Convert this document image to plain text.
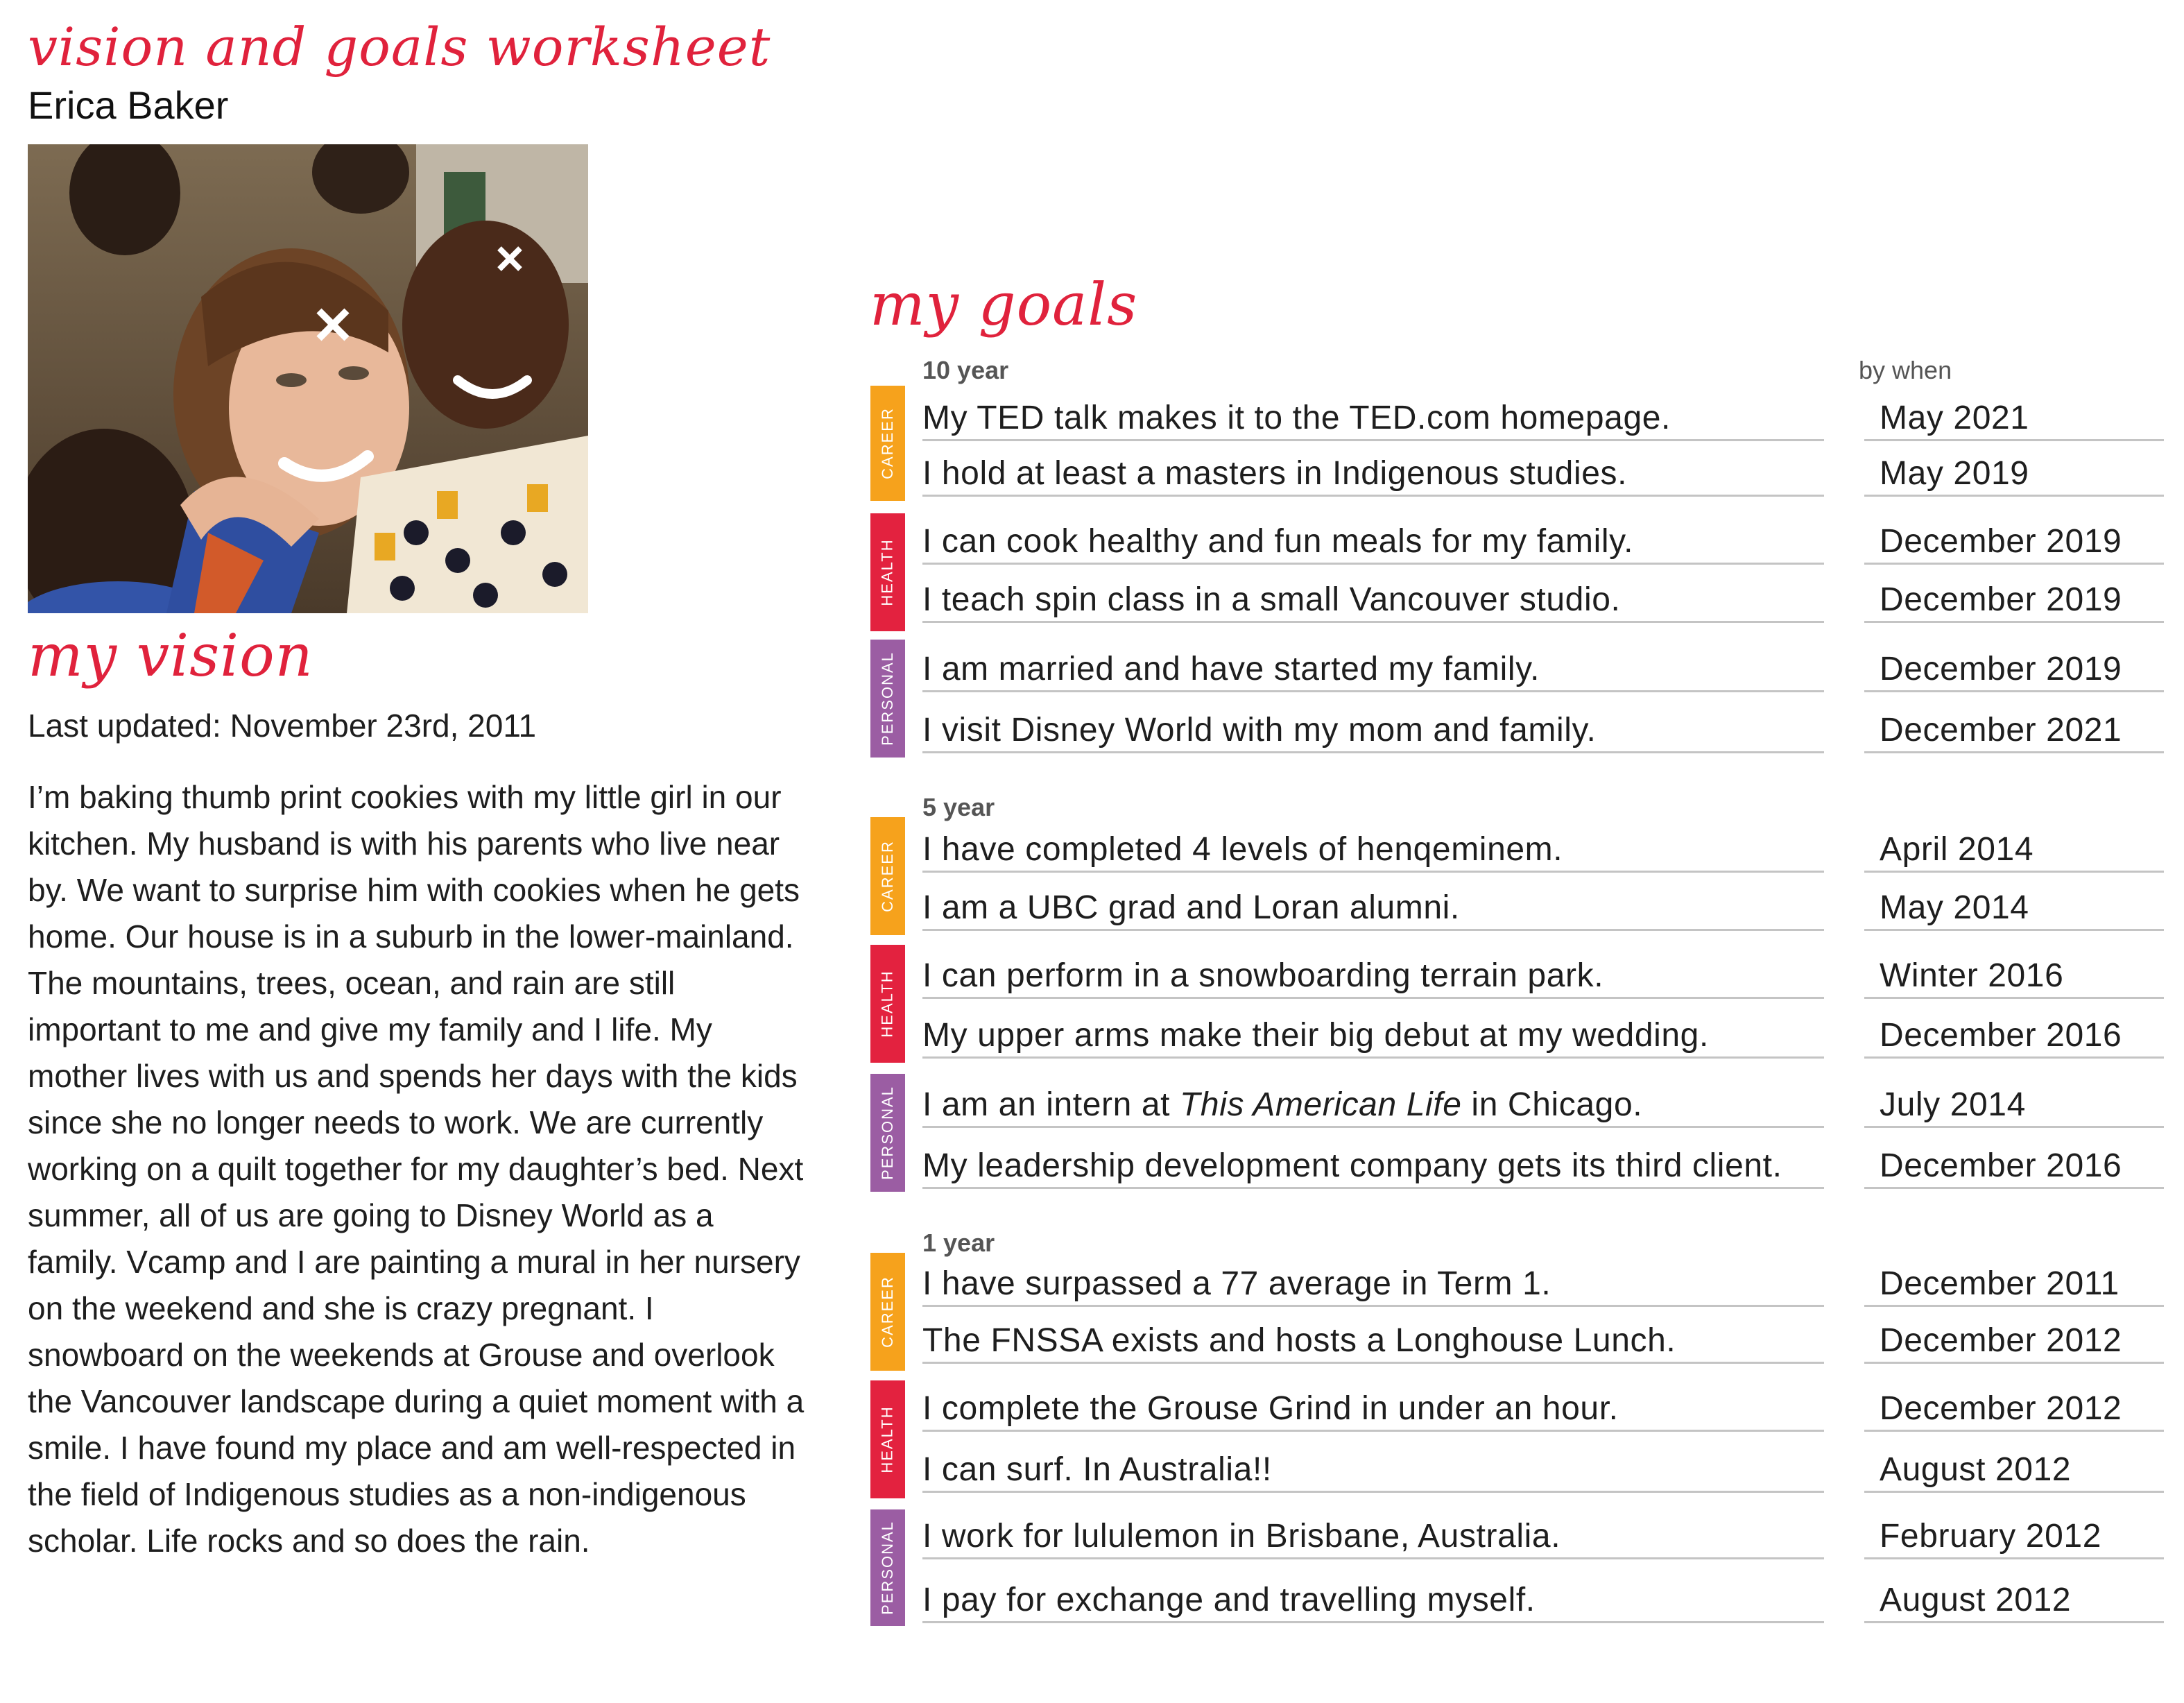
vision and goals worksheet
Erica Baker
my vision
Last updated: November 23rd, 2011

I’m baking thumb print cookies with my little girl in our kitchen. My husband is with his parents who live near by. We want to surprise him with cookies when he gets home. Our house is in a suburb in the lower-mainland. The mountains, trees, ocean, and rain are still important to me and give my family and I life. My mother lives with us and spends her days with the kids since she no longer needs to work. We are currently working on a quilt together for my daughter’s bed. Next summer, all of us are going to Disney World as a family. Vcamp and I are painting a mural in her nursery on the weekend and she is crazy pregnant. I snowboard on the weekends at Grouse and overlook the Vancouver landscape during a quiet moment with a smile. I have found my place and am well-respected in the field of Indigenous studies as a non-indigenous scholar. Life rocks and so does the rain.

my goals
by when
10 year
CAREER
HEALTH
PERSONAL
My TED talk makes it to the TED.com homepage.	May 2021
I hold at least a masters in Indigenous studies.	May 2019
I can cook healthy and fun meals for my family.	December 2019
I teach spin class in a small Vancouver studio.	December 2019
I am married and have started my family.	December 2019
I visit Disney World with my mom and family.	December 2021
5 year
CAREER
HEALTH
PERSONAL
I have completed 4 levels of henqeminem.	April 2014
I am a UBC grad and Loran alumni.	May 2014
I can perform in a snowboarding terrain park.	Winter 2016
My upper arms make their big debut at my wedding.	December 2016
I am an intern at This American Life in Chicago.	July 2014
My leadership development company gets its third client.	December 2016
1 year
CAREER
HEALTH
PERSONAL
I have surpassed a 77 average in Term 1.	December 2011
The FNSSA exists and hosts a Longhouse Lunch.	December 2012
I complete the Grouse Grind in under an hour.	December 2012
I can surf. In Australia!!	August 2012
I work for lululemon in Brisbane, Australia.	February 2012
I pay for exchange and travelling myself.	August 2012
